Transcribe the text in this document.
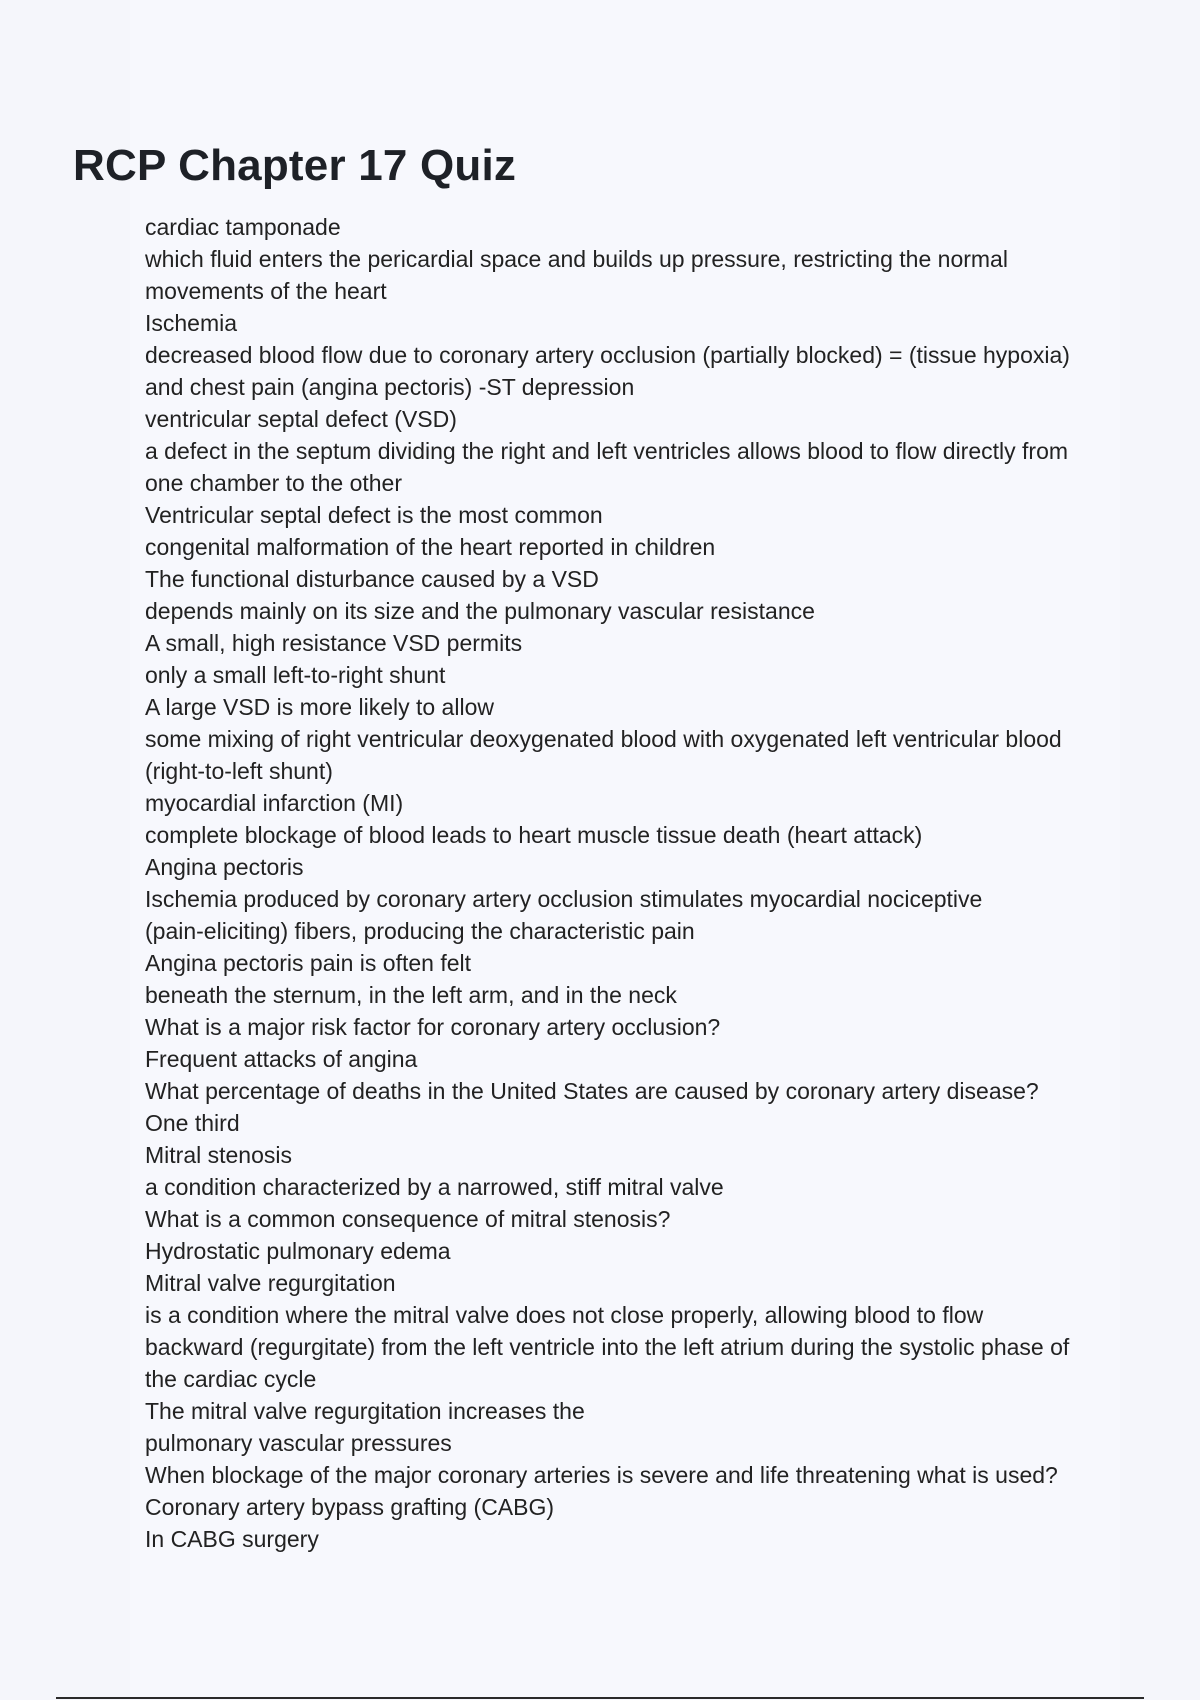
RCP Chapter 17 Quiz
cardiac tamponade
which fluid enters the pericardial space and builds up pressure, restricting the normal
movements of the heart
Ischemia
decreased blood flow due to coronary artery occlusion (partially blocked) = (tissue hypoxia)
and chest pain (angina pectoris) -ST depression
ventricular septal defect (VSD)
a defect in the septum dividing the right and left ventricles allows blood to flow directly from
one chamber to the other
Ventricular septal defect is the most common
congenital malformation of the heart reported in children
The functional disturbance caused by a VSD
depends mainly on its size and the pulmonary vascular resistance
A small, high resistance VSD permits
only a small left-to-right shunt
A large VSD is more likely to allow
some mixing of right ventricular deoxygenated blood with oxygenated left ventricular blood
(right-to-left shunt)
myocardial infarction (MI)
complete blockage of blood leads to heart muscle tissue death (heart attack)
Angina pectoris
Ischemia produced by coronary artery occlusion stimulates myocardial nociceptive
(pain-eliciting) fibers, producing the characteristic pain
Angina pectoris pain is often felt
beneath the sternum, in the left arm, and in the neck
What is a major risk factor for coronary artery occlusion?
Frequent attacks of angina
What percentage of deaths in the United States are caused by coronary artery disease?
One third
Mitral stenosis
a condition characterized by a narrowed, stiff mitral valve
What is a common consequence of mitral stenosis?
Hydrostatic pulmonary edema
Mitral valve regurgitation
is a condition where the mitral valve does not close properly, allowing blood to flow
backward (regurgitate) from the left ventricle into the left atrium during the systolic phase of
the cardiac cycle
The mitral valve regurgitation increases the
pulmonary vascular pressures
When blockage of the major coronary arteries is severe and life threatening what is used?
Coronary artery bypass grafting (CABG)
In CABG surgery
